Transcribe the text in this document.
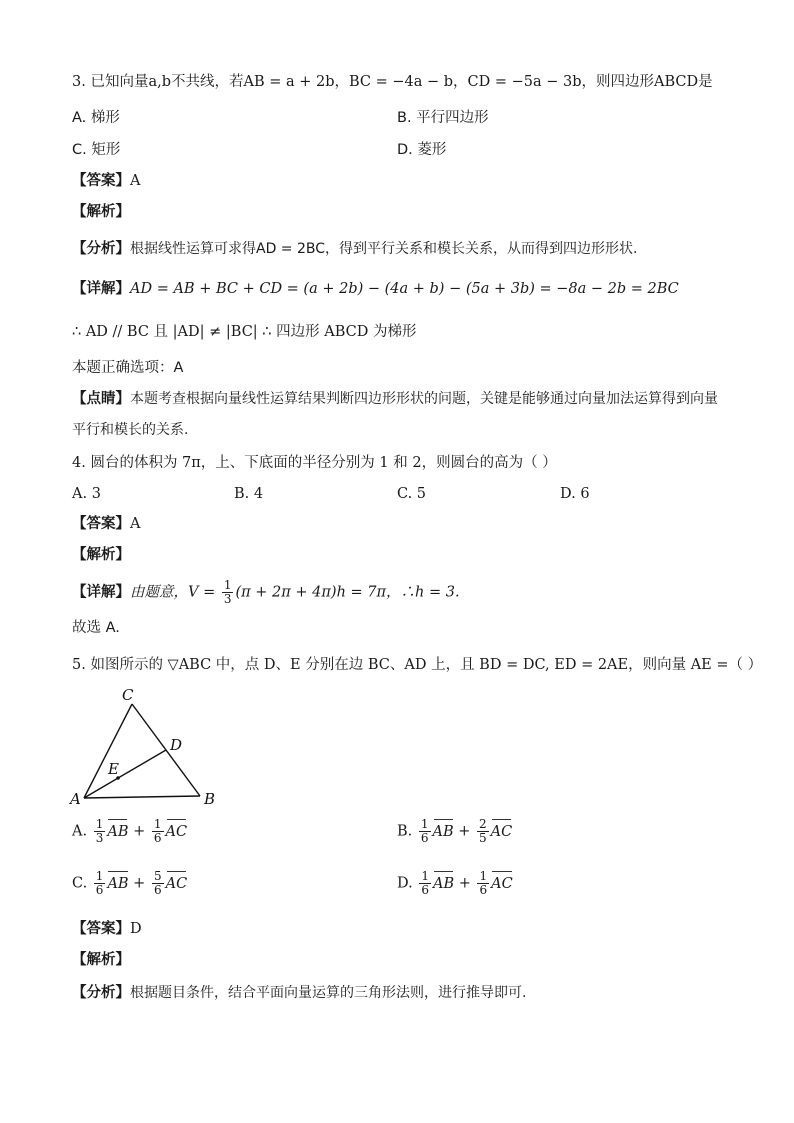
3. 已知向量a,b不共线，若AB = a + 2b，BC = −4a − b，CD = −5a − 3b，则四边形ABCD是
A. 梯形	B. 平行四边形
C. 矩形	D. 菱形
【答案】A
【解析】
【分析】根据线性运算可求得AD = 2BC，得到平行关系和模长关系，从而得到四边形形状.
【详解】AD = AB + BC + CD = (a + 2b) − (4a + b) − (5a + 3b) = −8a − 2b = 2BC
∴ AD // BC 且 |AD| ≠ |BC| ∴ 四边形 ABCD 为梯形
本题正确选项：A
【点睛】本题考查根据向量线性运算结果判断四边形形状的问题，关键是能够通过向量加法运算得到向量
平行和模长的关系.
4. 圆台的体积为 7π，上、下底面的半径分别为 1 和 2，则圆台的高为（ ）
A. 3	B. 4	C. 5	D. 6
【答案】A
【解析】
【详解】由题意，$V = \frac{1}{3} (\pi + 2\pi + 4\pi)h = 7\pi$，∴h = 3.
故选 A.
5. 如图所示的 ▽ABC 中，点 D、E 分别在边 BC、AD 上，且 BD = DC, ED = 2AE，则向量 AE =（ ）
A	B
C
D
E
A. $\frac{1}{3}$ AB + $\frac{1}{6}$ AC	B. $\frac{1}{6}$ AB + $\frac{2}{5}$ AC
C. $\frac{1}{6}$ AB + $\frac{5}{6}$ AC	D. $\frac{1}{6}$ AB + $\frac{1}{6}$ AC
【答案】D
【解析】
【分析】根据题目条件，结合平面向量运算的三角形法则，进行推导即可.
